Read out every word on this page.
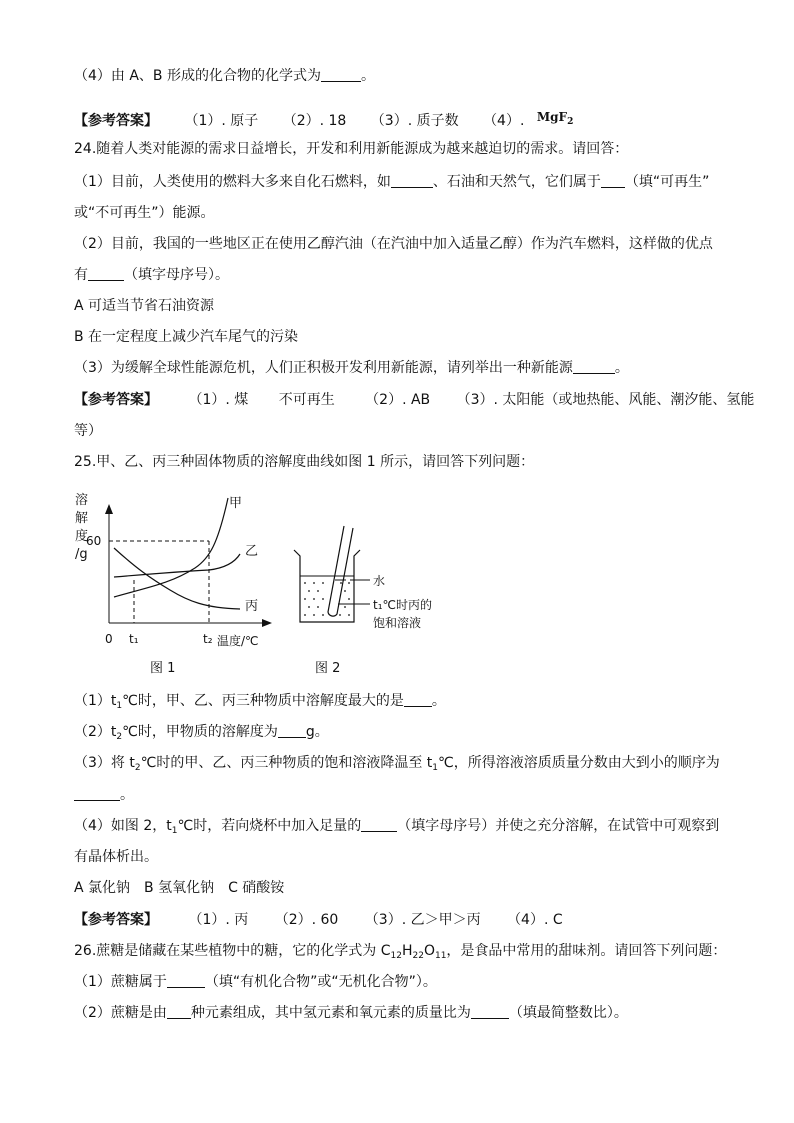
（4）由 A、B 形成的化合物的化学式为	。
【参考答案】 （1）. 原子 （2）. 18 （3）. 质子数 （4）. MgF$_2$
24.随着人类对能源的需求日益增长，开发和利用新能源成为越来越迫切的需求。请回答：
（1）目前，人类使用的燃料大多来自化石燃料，如	、石油和天然气，它们属于 （填“可再生”
或“不可再生”）能源。
（2）目前，我国的一些地区正在使用乙醇汽油（在汽油中加入适量乙醇）作为汽车燃料，这样做的优点
有	（填字母序号）。
A 可适当节省石油资源
B 在一定程度上减少汽车尾气的污染
（3）为缓解全球性能源危机，人们正积极开发利用新能源，请列举出一种新能源	。
【参考答案】 （1）. 煤 不可再生 （2）. AB （3）. 太阳能（或地热能、风能、潮汐能、氢能
等）
25.甲、乙、丙三种固体物质的溶解度曲线如图 1 所示，请回答下列问题：
溶
解
度
/g
60
0 t₁	t₂ 温度/℃
甲
乙
丙
图 1
水
t₁℃时丙的
饱和溶液
图 2
$(1)t_1℃$时，甲、乙、丙三种物质中溶解度最大的是 。
$(2)t_2℃$时，甲物质的溶解度为 g。
（3）将 $t_2℃$时的甲、乙、丙三种物质的饱和溶液降温至 $t_1℃$，所得溶液溶质质量分数由大到小的顺序为
。
（4）如图 2，$t_1℃$时，若向烧杯中加入足量的	（填字母序号）并使之充分溶解，在试管中可观察到
有晶体析出。
A 氯化钠　B 氢氧化钠　C 硝酸铵
【参考答案】 （1）. 丙 （2）. 60 （3）. 乙＞甲＞丙 （4）. C
26.蔗糖是储藏在某些植物中的糖，它的化学式为 $C_{12}H_{22}O_{11}$，是食品中常用的甜味剂。请回答下列问题：
（1）蔗糖属于	（填“有机化合物”或“无机化合物”）。
（2）蔗糖是由 种元素组成，其中氢元素和氧元素的质量比为	（填最简整数比）。
